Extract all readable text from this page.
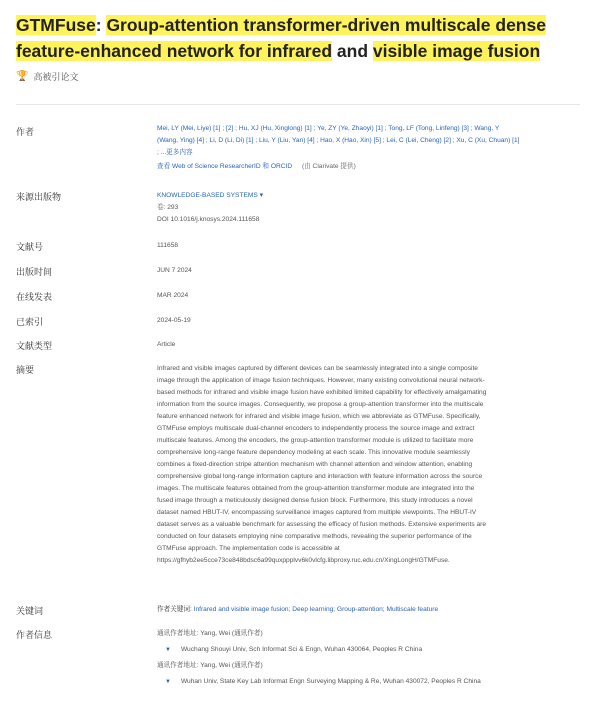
GTMFuse: Group-attention transformer-driven multiscale dense feature-enhanced network for infrared and visible image fusion
🏆 高被引论文
作者	Mei, LY (Mei, Liye) [1] ; [2] ; Hu, XJ (Hu, Xinglong) [1] ; Ye, ZY (Ye, Zhaoyi) [1] ; Tong, LF (Tong, Linfeng) [3] ; Wang, Y
(Wang, Ying) [4] ; Li, D (Li, Di) [1] ; Liu, Y (Liu, Yan) [4] ; Hao, X (Hao, Xin) [5] ; Lei, C (Lei, Cheng) [2] ; Xu, C (Xu, Chuan) [1]
; ...更多内容
查看 Web of Science ResearcherID 和 ORCID (由 Clarivate 提供)
来源出版物	KNOWLEDGE-BASED SYSTEMS ▾
卷: 293
DOI 10.1016/j.knosys.2024.111658
文献号	111658
出版时间	JUN 7 2024
在线发表	MAR 2024
已索引	2024-05-19
文献类型	Article
摘要	Infrared and visible images captured by different devices can be seamlessly integrated into a single composite
image through the application of image fusion techniques. However, many existing convolutional neural network-
based methods for infrared and visible image fusion have exhibited limited capability for effectively amalgamating
information from the source images. Consequently, we propose a group-attention transformer into the multiscale
feature enhanced network for infrared and visible image fusion, which we abbreviate as GTMFuse. Specifically,
GTMFuse employs multiscale dual-channel encoders to independently process the source image and extract
multiscale features. Among the encoders, the group-attention transformer module is utilized to facilitate more
comprehensive long-range feature dependency modeling at each scale. This innovative module seamlessly
combines a fixed-direction stripe attention mechanism with channel attention and window attention, enabling
comprehensive global long-range information capture and interaction with feature information across the source
images. The multiscale features obtained from the group-attention transformer module are integrated into the
fused image through a meticulously designed dense fusion block. Furthermore, this study introduces a novel
dataset named HBUT-IV, encompassing surveillance images captured from multiple viewpoints. The HBUT-IV
dataset serves as a valuable benchmark for assessing the efficacy of fusion methods. Extensive experiments are
conducted on four datasets employing nine comparative methods, revealing the superior performance of the
GTMFuse approach. The implementation code is accessible at
https://gfhyb2ee5cce73ce848bdsc6a99quxppplvv6k0vlcfg.libproxy.ruc.edu.cn/XingLongH/GTMFuse.
关键词	作者关键词: Infrared and visible image fusion; Deep learning; Group-attention; Multiscale feature
作者信息	通讯作者地址: Yang, Wei (通讯作者)
▼ Wuchang Shouyi Univ, Sch Informat Sci & Engn, Wuhan 430064, Peoples R China
通讯作者地址: Yang, Wei (通讯作者)
▼ Wuhan Univ, State Key Lab Informat Engn Surveying Mapping & Re, Wuhan 430072, Peoples R China
